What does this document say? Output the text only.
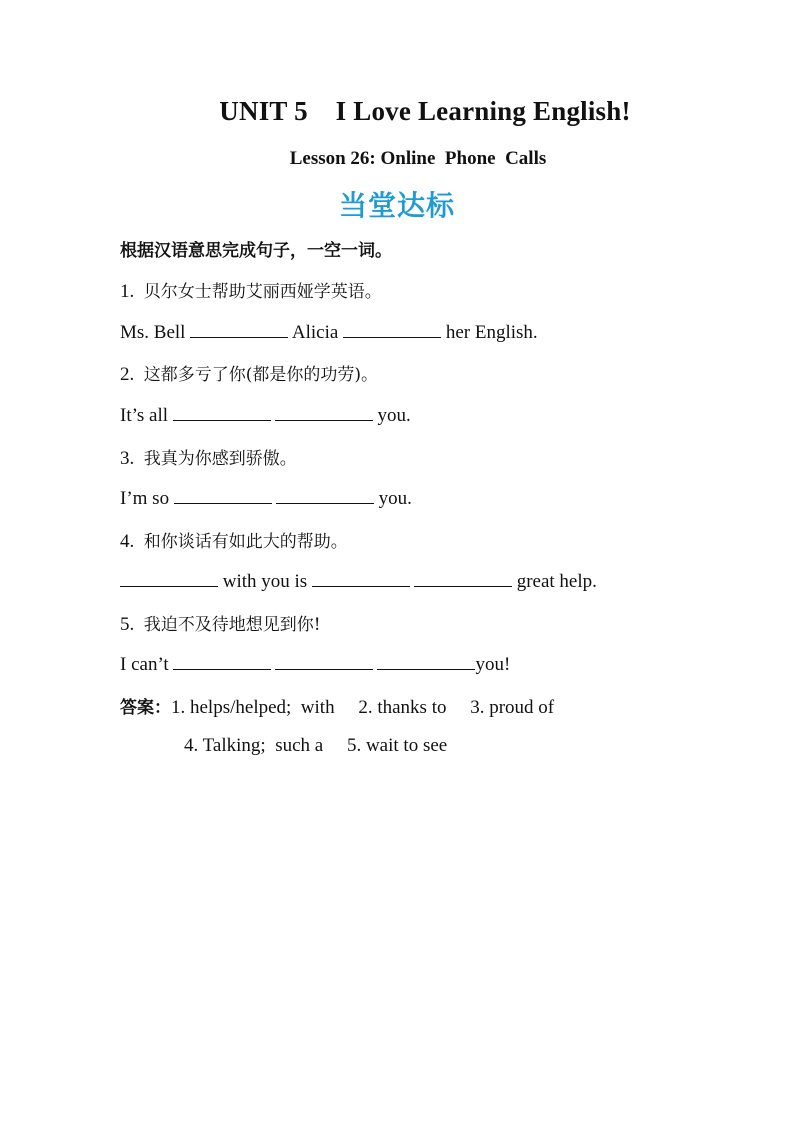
UNIT 5    I Love Learning English!
Lesson 26: Online  Phone  Calls
当堂达标
根据汉语意思完成句子，一空一词。
1. 贝尔女士帮助艾丽西娅学英语。
Ms. Bell	Alicia	her English.
2. 这都多亏了你(都是你的功劳)。
It’s all	you.
3. 我真为你感到骄傲。
I’m so	you.
4. 和你谈话有如此大的帮助。
with you is	great help.
5. 我迫不及待地想见到你!
I can’t	you!
答案：1. helps/helped;  with     2. thanks to     3. proud of
4. Talking;  such a     5. wait to see
